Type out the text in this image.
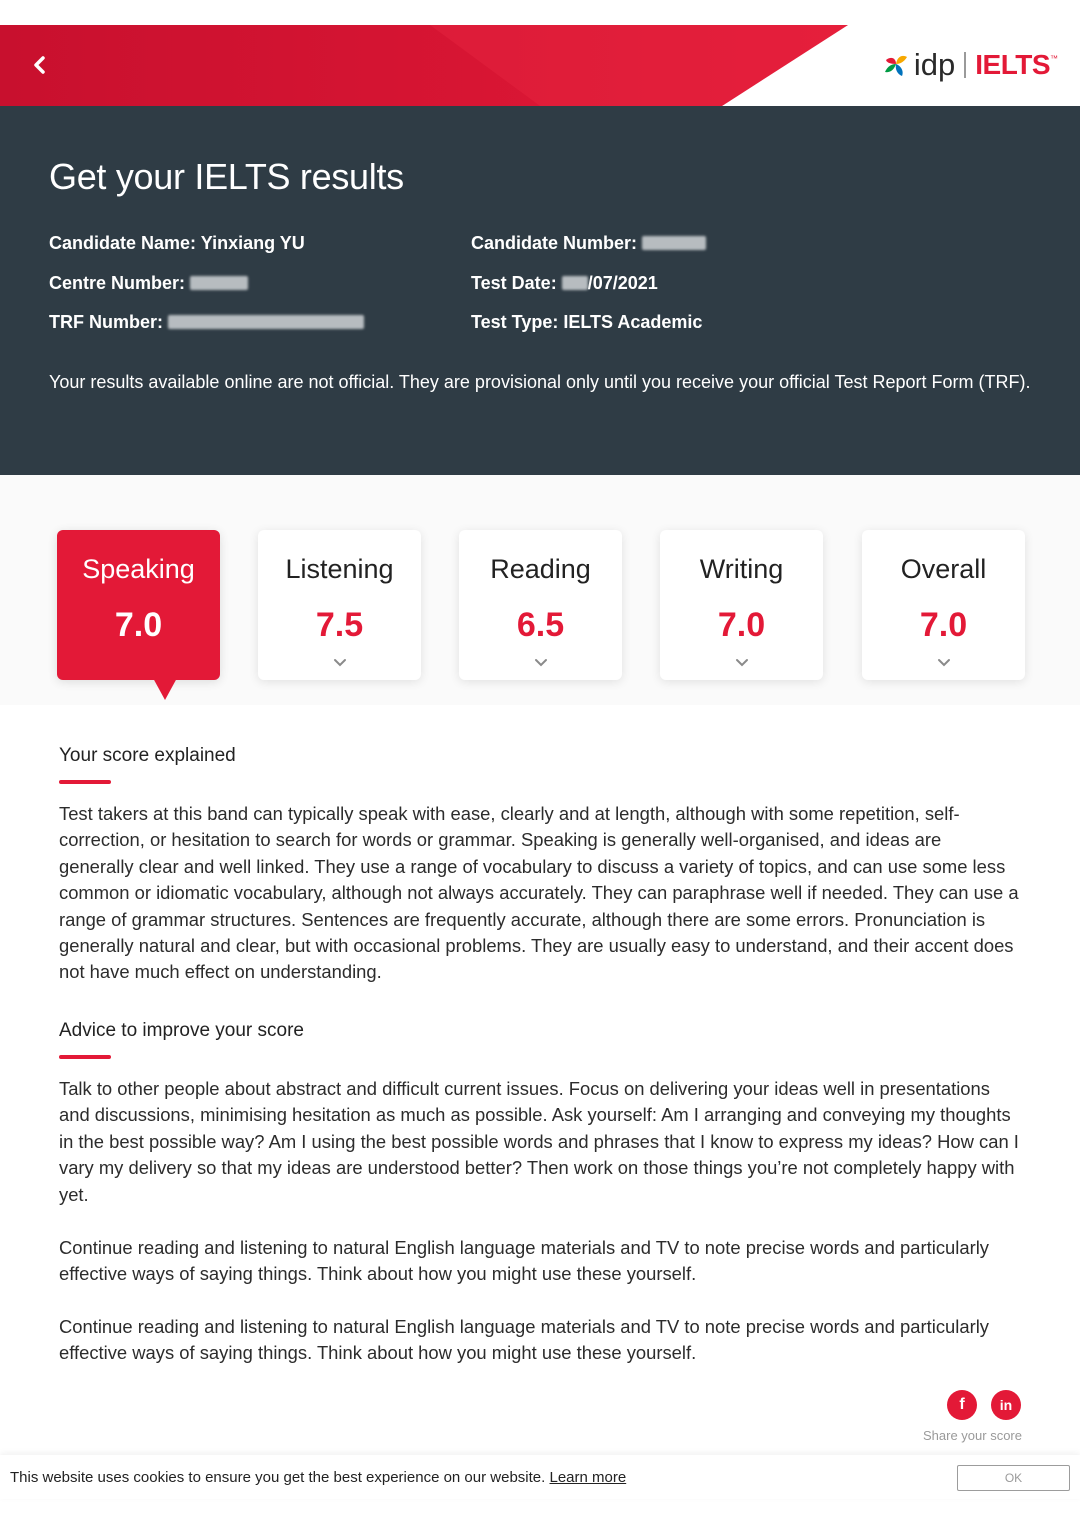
idp IELTS ™
Get your IELTS results
Candidate Name: Yinxiang YU	Candidate Number:
Centre Number:	Test Date: /07/2021
TRF Number:	Test Type: IELTS Academic
Your results available online are not official. They are provisional only until you receive your official Test Report Form (TRF).
Speaking
7.0
Listening
7.5
Reading
6.5
Writing
7.0
Overall
7.0
Your score explained
Test takers at this band can typically speak with ease, clearly and at length, although with some repetition, self-correction, or hesitation to search for words or grammar. Speaking is generally well-organised, and ideas are generally clear and well linked. They use a range of vocabulary to discuss a variety of topics, and can use some less common or idiomatic vocabulary, although not always accurately. They can paraphrase well if needed. They can use a range of grammar structures. Sentences are frequently accurate, although there are some errors. Pronunciation is generally natural and clear, but with occasional problems. They are usually easy to understand, and their accent does not have much effect on understanding.
Advice to improve your score
Talk to other people about abstract and difficult current issues. Focus on delivering your ideas well in presentations and discussions, minimising hesitation as much as possible. Ask yourself: Am I arranging and conveying my thoughts in the best possible way? Am I using the best possible words and phrases that I know to express my ideas? How can I vary my delivery so that my ideas are understood better? Then work on those things you’re not completely happy with yet.
Continue reading and listening to natural English language materials and TV to note precise words and particularly effective ways of saying things. Think about how you might use these yourself.
Continue reading and listening to natural English language materials and TV to note precise words and particularly effective ways of saying things. Think about how you might use these yourself.
f	in
Share your score
This website uses cookies to ensure you get the best experience on our website. Learn more	OK
